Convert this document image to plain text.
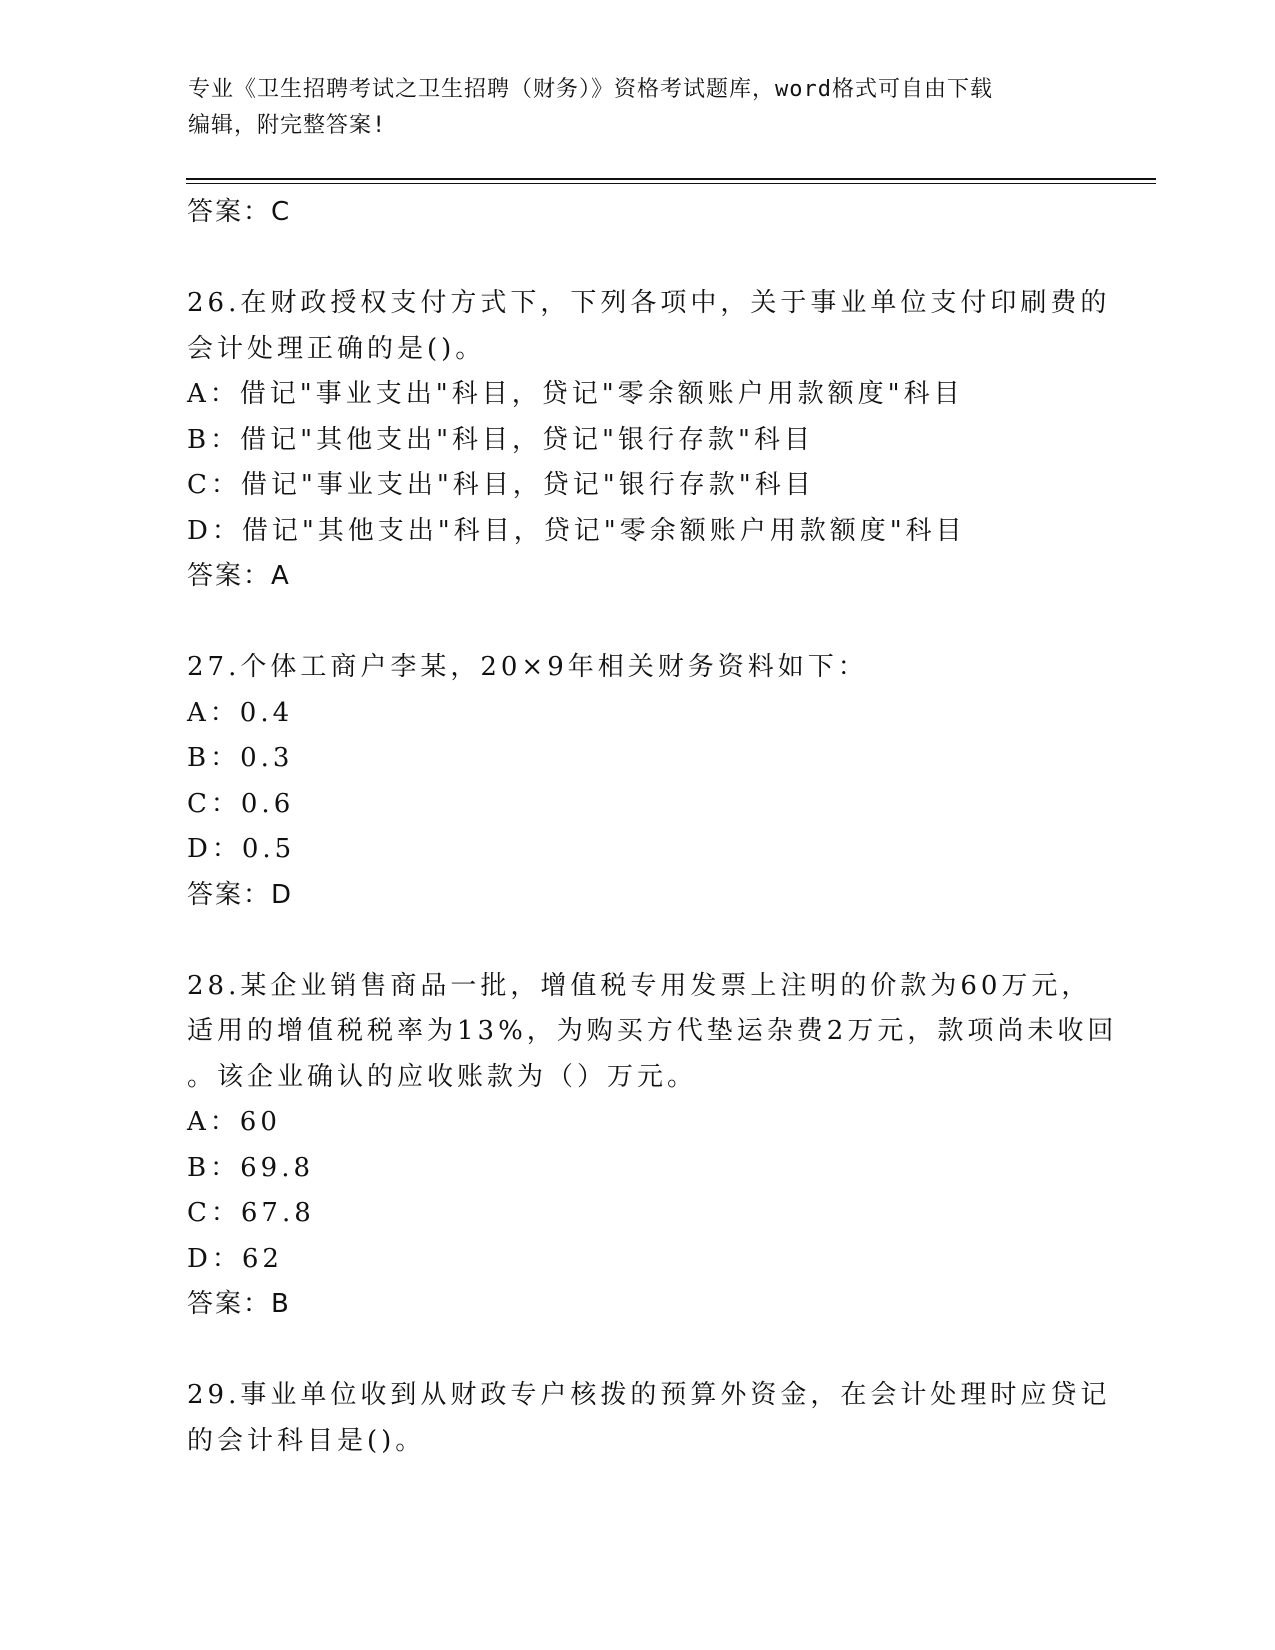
专业《卫生招聘考试之卫生招聘（财务）》资格考试题库，word格式可自由下载
编辑，附完整答案!
答案：C
26.在财政授权支付方式下，下列各项中，关于事业单位支付印刷费的
会计处理正确的是()。
A：借记"事业支出"科目，贷记"零余额账户用款额度"科目
B：借记"其他支出"科目，贷记"银行存款"科目
C：借记"事业支出"科目，贷记"银行存款"科目
D：借记"其他支出"科目，贷记"零余额账户用款额度"科目
答案：A
27.个体工商户李某，20×9年相关财务资料如下：
A：0.4
B：0.3
C：0.6
D：0.5
答案：D
28.某企业销售商品一批，增值税专用发票上注明的价款为60万元，
适用的增值税税率为13%，为购买方代垫运杂费2万元，款项尚未收回
。该企业确认的应收账款为（）万元。
A：60
B：69.8
C：67.8
D：62
答案：B
29.事业单位收到从财政专户核拨的预算外资金，在会计处理时应贷记
的会计科目是()。
